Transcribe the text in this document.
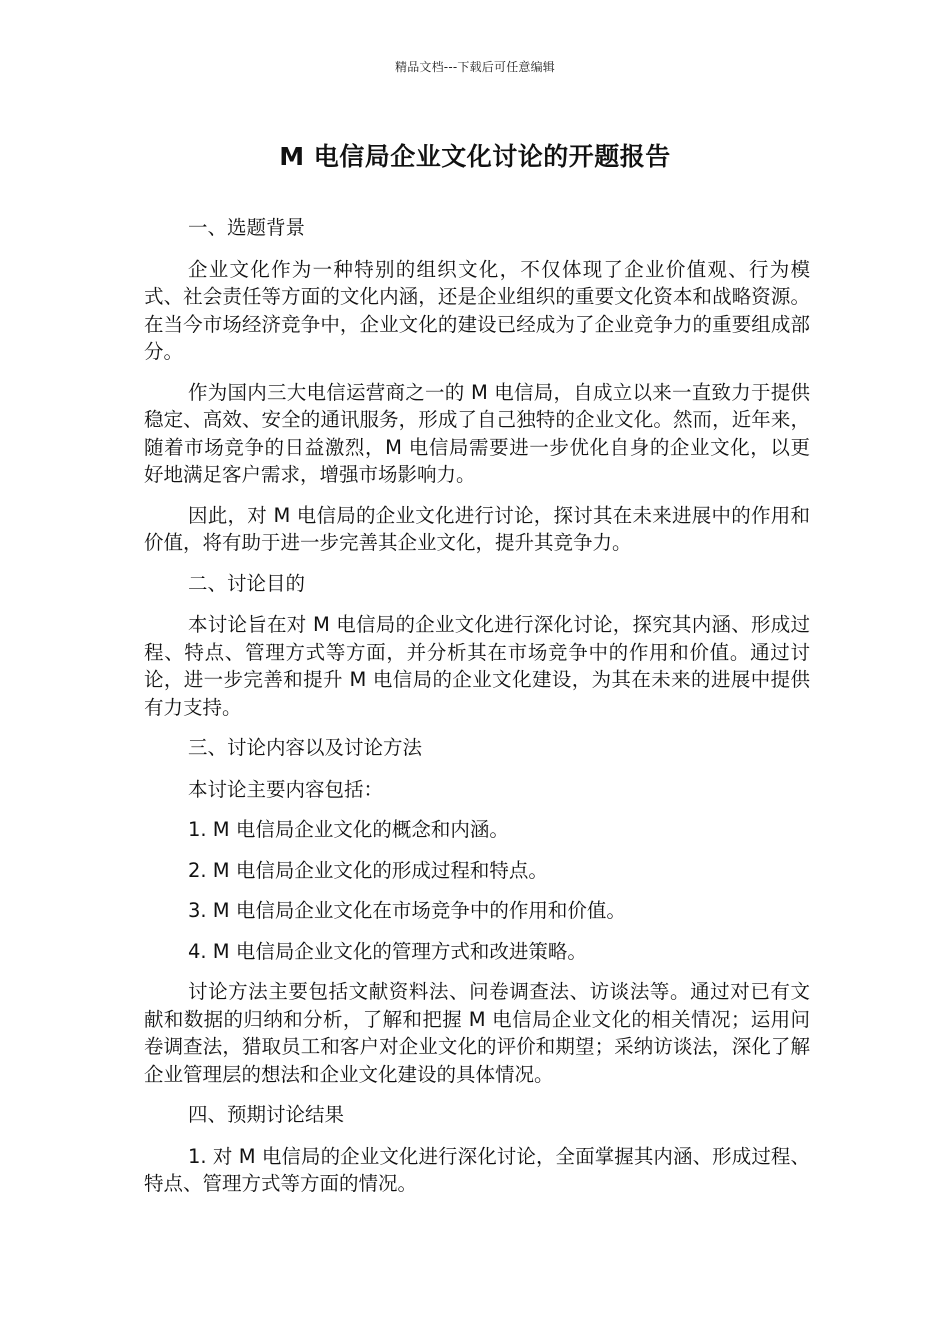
精品文档---下载后可任意编辑
M 电信局企业文化讨论的开题报告

一、选题背景

企业文化作为一种特别的组织文化，不仅体现了企业价值观、行为模式、社会责任等方面的文化内涵，还是企业组织的重要文化资本和战略资源。在当今市场经济竞争中，企业文化的建设已经成为了企业竞争力的重要组成部分。

作为国内三大电信运营商之一的 M 电信局，自成立以来一直致力于提供稳定、高效、安全的通讯服务，形成了自己独特的企业文化。然而，近年来，随着市场竞争的日益激烈，M 电信局需要进一步优化自身的企业文化，以更好地满足客户需求，增强市场影响力。

因此，对 M 电信局的企业文化进行讨论，探讨其在未来进展中的作用和价值，将有助于进一步完善其企业文化，提升其竞争力。

二、讨论目的

本讨论旨在对 M 电信局的企业文化进行深化讨论，探究其内涵、形成过程、特点、管理方式等方面，并分析其在市场竞争中的作用和价值。通过讨论，进一步完善和提升 M 电信局的企业文化建设，为其在未来的进展中提供有力支持。

三、讨论内容以及讨论方法

本讨论主要内容包括：

1. M 电信局企业文化的概念和内涵。

2. M 电信局企业文化的形成过程和特点。

3. M 电信局企业文化在市场竞争中的作用和价值。

4. M 电信局企业文化的管理方式和改进策略。

讨论方法主要包括文献资料法、问卷调查法、访谈法等。通过对已有文献和数据的归纳和分析，了解和把握 M 电信局企业文化的相关情况；运用问卷调查法，猎取员工和客户对企业文化的评价和期望；采纳访谈法，深化了解企业管理层的想法和企业文化建设的具体情况。

四、预期讨论结果

1. 对 M 电信局的企业文化进行深化讨论，全面掌握其内涵、形成过程、特点、管理方式等方面的情况。
